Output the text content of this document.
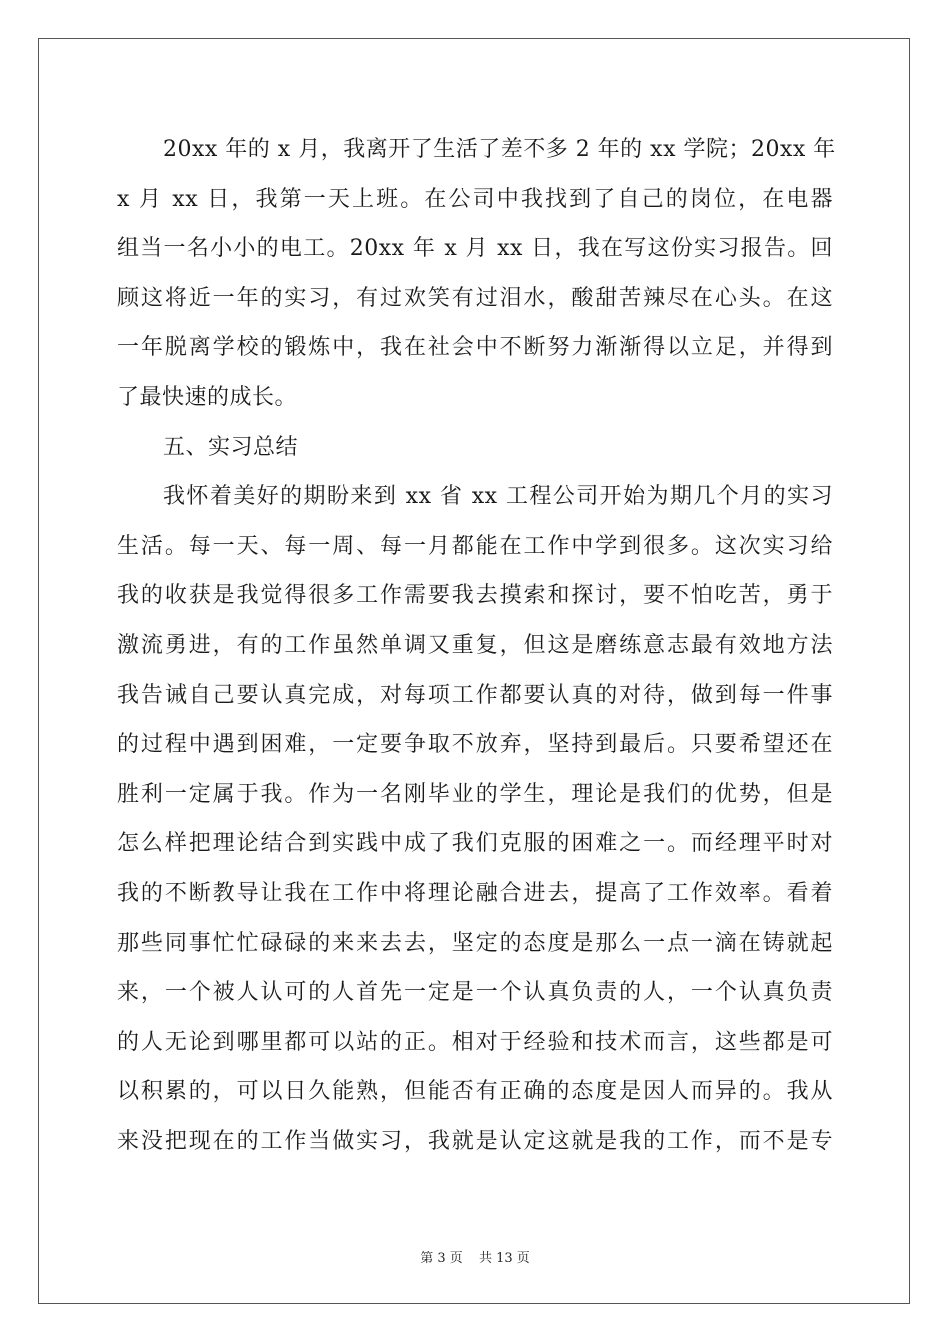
20xx 年的 x 月，我离开了生活了差不多 2 年的 xx 学院；20xx 年
x 月 xx 日，我第一天上班。在公司中我找到了自己的岗位，在电器
组当一名小小的电工。20xx 年 x 月 xx 日，我在写这份实习报告。回
顾这将近一年的实习，有过欢笑有过泪水，酸甜苦辣尽在心头。在这
一年脱离学校的锻炼中，我在社会中不断努力渐渐得以立足，并得到
了最快速的成长。
五、实习总结
我怀着美好的期盼来到 xx 省 xx 工程公司开始为期几个月的实习
生活。每一天、每一周、每一月都能在工作中学到很多。这次实习给
我的收获是我觉得很多工作需要我去摸索和探讨，要不怕吃苦，勇于
激流勇进，有的工作虽然单调又重复，但这是磨练意志最有效地方法
我告诫自己要认真完成，对每项工作都要认真的对待，做到每一件事
的过程中遇到困难，一定要争取不放弃，坚持到最后。只要希望还在
胜利一定属于我。作为一名刚毕业的学生，理论是我们的优势，但是
怎么样把理论结合到实践中成了我们克服的困难之一。而经理平时对
我的不断教导让我在工作中将理论融合进去，提高了工作效率。看着
那些同事忙忙碌碌的来来去去，坚定的态度是那么一点一滴在铸就起
来，一个被人认可的人首先一定是一个认真负责的人，一个认真负责
的人无论到哪里都可以站的正。相对于经验和技术而言，这些都是可
以积累的，可以日久能熟，但能否有正确的态度是因人而异的。我从
来没把现在的工作当做实习，我就是认定这就是我的工作，而不是专
第 3 页 共 13 页
